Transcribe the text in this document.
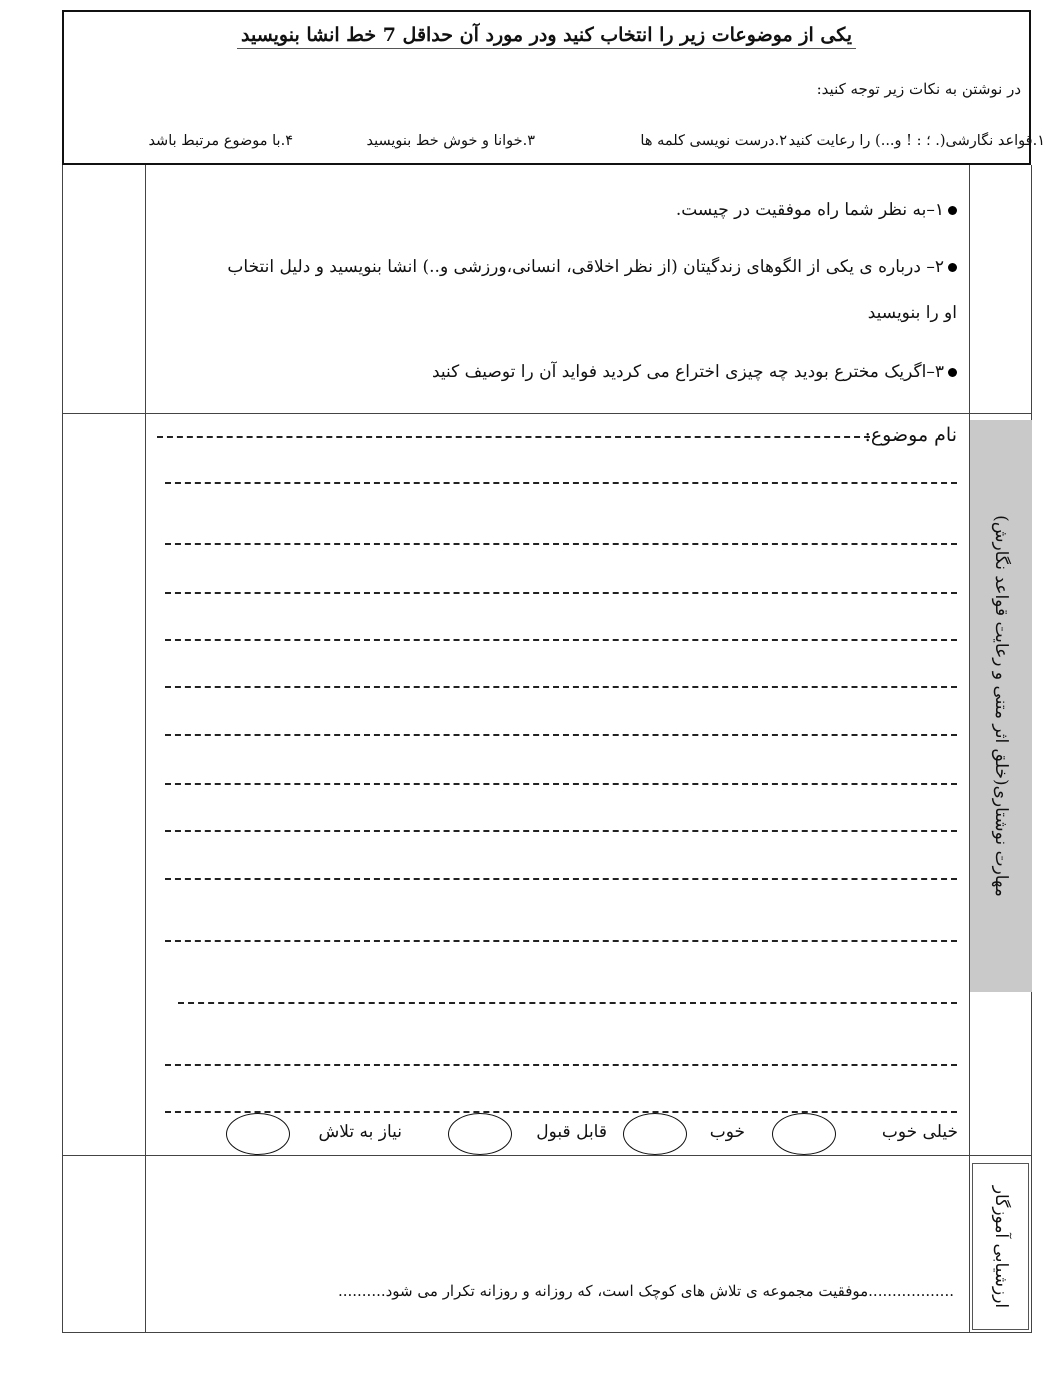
یکی از موضوعات زیر را انتخاب کنید ودر مورد آن حداقل 7 خط انشا بنویسید
در نوشتن به نکات زیر توجه کنید:
۱.قواعد نگارشی(. ؛ : ! و...) را رعایت کنید
۲.درست نویسی کلمه ها
۳.خوانا و خوش خط بنویسید
۴.با موضوع مرتبط باشد
۱–به نظر شما راه موفقیت در چیست.
۲– درباره ی یکی از الگوهای زندگیتان (از نظر اخلاقی، انسانی،ورزشی و..) انشا بنویسید و دلیل انتخاب
او را بنویسید
۳–اگریک مخترع بودید چه چیزی اختراع می کردید فواید آن را توصیف کنید
نام موضوع:
مهارت نوشتاری(خلق اثر متنی و رعایت قواعد نگارش)
ارزشیابی آموزگار
خیلی خوب
خوب
قابل قبول
نیاز به تلاش
..................موفقیت مجموعه ی تلاش های کوچک است، که روزانه و روزانه تکرار می شود..........
